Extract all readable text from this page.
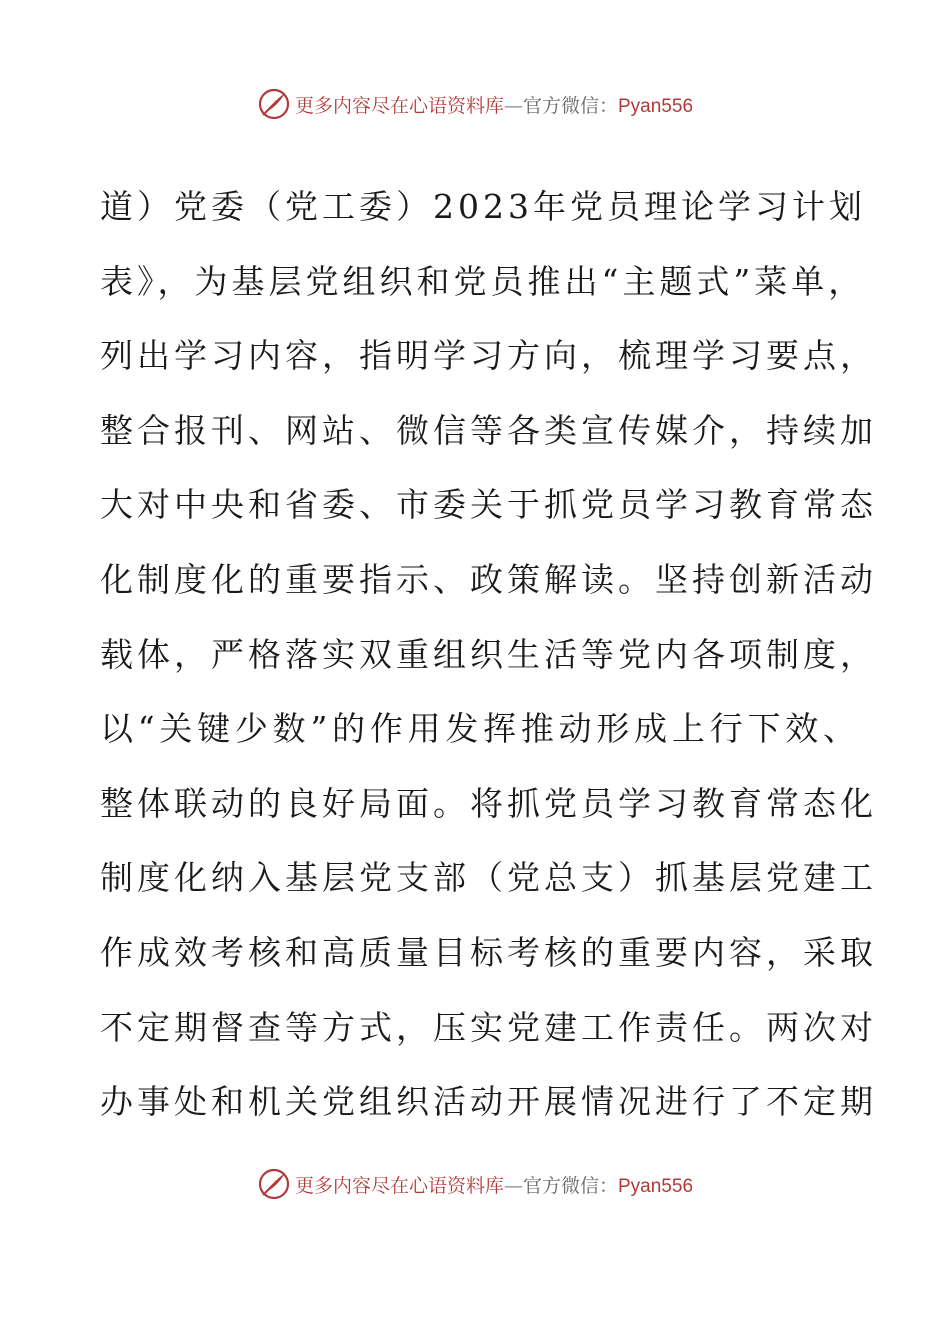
更多内容尽在心语资料库—官方微信：Pyan556
道）党委（党工委）2023年党员理论学习计划
表》，为基层党组织和党员推出“主题式”菜单，
列出学习内容，指明学习方向，梳理学习要点，
整合报刊、网站、微信等各类宣传媒介，持续加
大对中央和省委、市委关于抓党员学习教育常态
化制度化的重要指示、政策解读。坚持创新活动
载体，严格落实双重组织生活等党内各项制度，
以“关键少数”的作用发挥推动形成上行下效、
整体联动的良好局面。将抓党员学习教育常态化
制度化纳入基层党支部（党总支）抓基层党建工
作成效考核和高质量目标考核的重要内容，采取
不定期督查等方式，压实党建工作责任。两次对
办事处和机关党组织活动开展情况进行了不定期
更多内容尽在心语资料库—官方微信：Pyan556
